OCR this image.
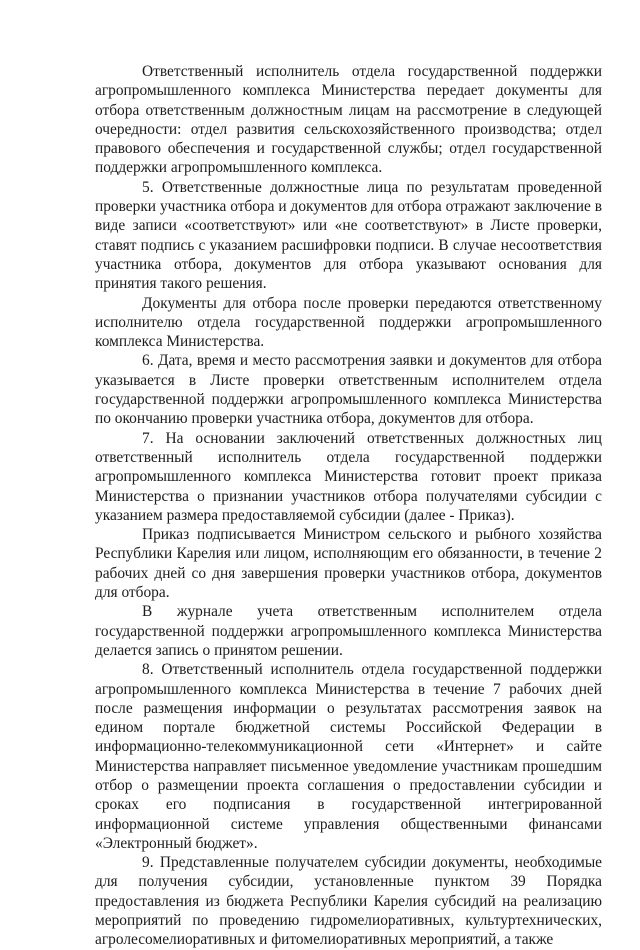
Ответственный исполнитель отдела государственной поддержки агропромышленного комплекса Министерства передает документы для отбора ответственным должностным лицам на рассмотрение в следующей очередности: отдел развития сельскохозяйственного производства; отдел правового обеспечения и государственной службы; отдел государственной поддержки агропромышленного комплекса.

5. Ответственные должностные лица по результатам проведенной проверки участника отбора и документов для отбора отражают заключение в виде записи «соответствуют» или «не соответствуют» в Листе проверки, ставят подпись с указанием расшифровки подписи. В случае несоответствия участника отбора, документов для отбора указывают основания для принятия такого решения.

Документы для отбора после проверки передаются ответственному исполнителю отдела государственной поддержки агропромышленного комплекса Министерства.

6. Дата, время и место рассмотрения заявки и документов для отбора указывается в Листе проверки ответственным исполнителем отдела государственной поддержки агропромышленного комплекса Министерства по окончанию проверки участника отбора, документов для отбора.

7. На основании заключений ответственных должностных лиц ответственный исполнитель отдела государственной поддержки агропромышленного комплекса Министерства готовит проект приказа Министерства о признании участников отбора получателями субсидии с указанием размера предоставляемой субсидии (далее - Приказ).

Приказ подписывается Министром сельского и рыбного хозяйства Республики Карелия или лицом, исполняющим его обязанности, в течение 2 рабочих дней со дня завершения проверки участников отбора, документов для отбора.

В журнале учета ответственным исполнителем отдела государственной поддержки агропромышленного комплекса Министерства делается запись о принятом решении.

8. Ответственный исполнитель отдела государственной поддержки агропромышленного комплекса Министерства в течение 7 рабочих дней после размещения информации о результатах рассмотрения заявок на едином портале бюджетной системы Российской Федерации в информационно-телекоммуникационной сети «Интернет» и сайте Министерства направляет письменное уведомление участникам прошедшим отбор о размещении проекта соглашения о предоставлении субсидии и сроках его подписания в государственной интегрированной информационной системе управления общественными финансами «Электронный бюджет».

9. Представленные получателем субсидии документы, необходимые для получения субсидии, установленные пунктом 39 Порядка предоставления из бюджета Республики Карелия субсидий на реализацию мероприятий по проведению гидромелиоративных, культуртехнических, агролесомелиоративных и фитомелиоративных мероприятий, а также
